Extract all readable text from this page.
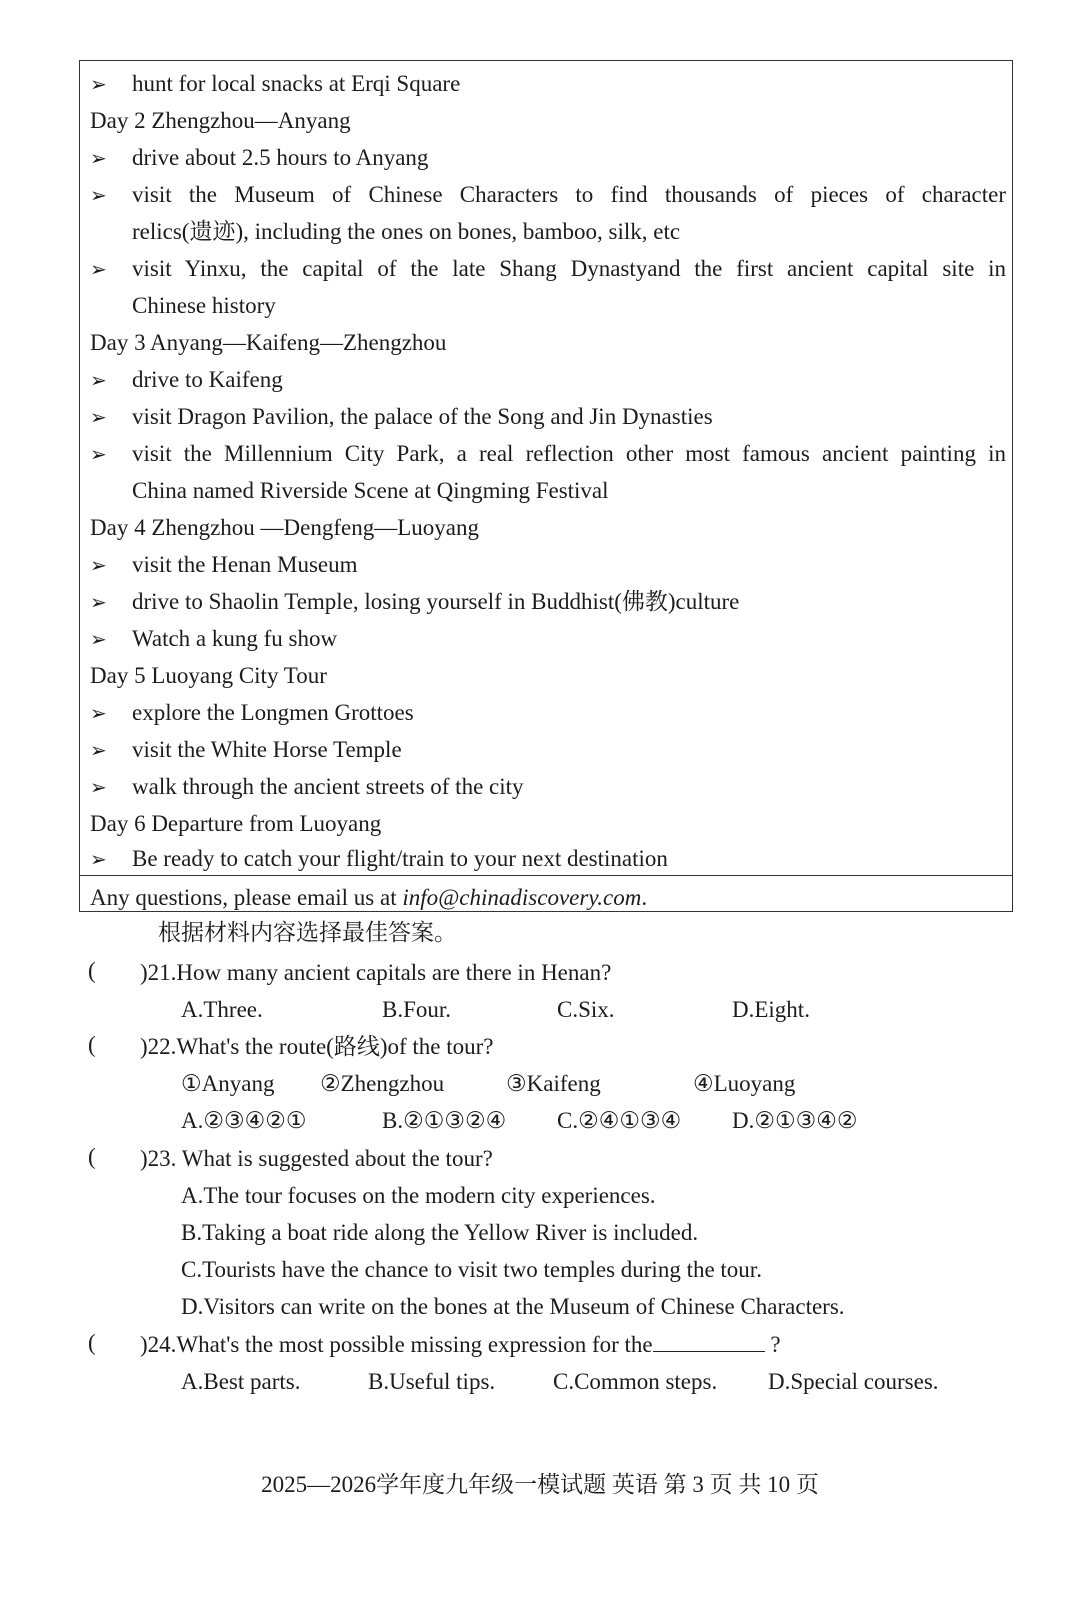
➢ hunt for local snacks at Erqi Square
Day 2 Zhengzhou—Anyang
➢ drive about 2.5 hours to Anyang
➢ visit the Museum of Chinese Characters to find thousands of pieces of character
relics(遗迹), including the ones on bones, bamboo, silk, etc
➢ visit Yinxu, the capital of the late Shang Dynastyand the first ancient capital site in
Chinese history
Day 3 Anyang—Kaifeng—Zhengzhou
➢ drive to Kaifeng
➢ visit Dragon Pavilion, the palace of the Song and Jin Dynasties
➢ visit the Millennium City Park, a real reflection other most famous ancient painting in
China named Riverside Scene at Qingming Festival
Day 4 Zhengzhou —Dengfeng—Luoyang
➢ visit the Henan Museum
➢ drive to Shaolin Temple, losing yourself in Buddhist(佛教)culture
➢ Watch a kung fu show
Day 5 Luoyang City Tour
➢ explore the Longmen Grottoes
➢ visit the White Horse Temple
➢ walk through the ancient streets of the city
Day 6 Departure from Luoyang
➢ Be ready to catch your flight/train to your next destination
Any questions, please email us at info@chinadiscovery.com.
根据材料内容选择最佳答案。
( )21.How many ancient capitals are there in Henan?
A.Three.	B.Four.	C.Six.	D.Eight.
( )22.What's the route(路线)of the tour?
①Anyang ②Zhengzhou	③Kaifeng	④Luoyang
A.②③④②①	B.②①③②④ C.②④①③④ D.②①③④②
( )23. What is suggested about the tour?
A.The tour focuses on the modern city experiences.
B.Taking a boat ride along the Yellow River is included.
C.Tourists have the chance to visit two temples during the tour.
D.Visitors can write on the bones at the Museum of Chinese Characters.
( )24.What's the most possible missing expression for the	?
A.Best parts.	B.Useful tips.	C.Common steps. D.Special courses.
2025—2026学年度九年级一模试题 英语 第 3 页 共 10 页
